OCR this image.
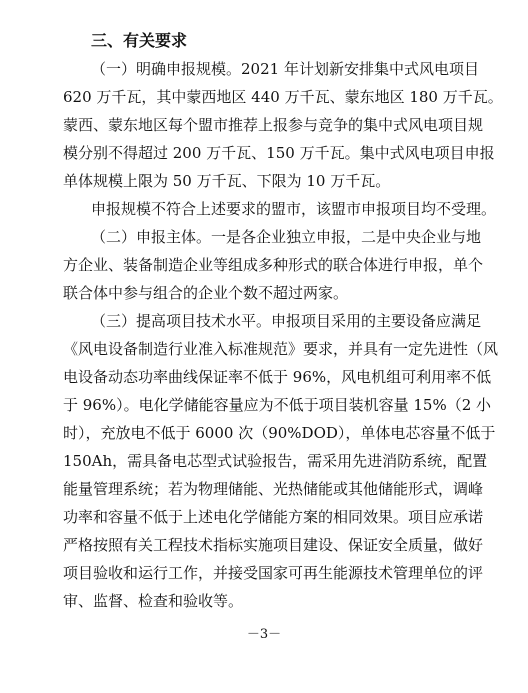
三、有关要求
（一）明确申报规模。2021 年计划新安排集中式风电项目
620 万千瓦，其中蒙西地区 440 万千瓦、蒙东地区 180 万千瓦。
蒙西、蒙东地区每个盟市推荐上报参与竞争的集中式风电项目规
模分别不得超过 200 万千瓦、150 万千瓦。集中式风电项目申报
单体规模上限为 50 万千瓦、下限为 10 万千瓦。
申报规模不符合上述要求的盟市，该盟市申报项目均不受理。
（二）申报主体。一是各企业独立申报，二是中央企业与地
方企业、装备制造企业等组成多种形式的联合体进行申报，单个
联合体中参与组合的企业个数不超过两家。
（三）提高项目技术水平。申报项目采用的主要设备应满足
《风电设备制造行业准入标准规范》要求，并具有一定先进性（风
电设备动态功率曲线保证率不低于 96%，风电机组可利用率不低
于 96%）。电化学储能容量应为不低于项目装机容量 15%（2 小
时），充放电不低于 6000 次（90%DOD），单体电芯容量不低于
150Ah，需具备电芯型式试验报告，需采用先进消防系统，配置
能量管理系统；若为物理储能、光热储能或其他储能形式，调峰
功率和容量不低于上述电化学储能方案的相同效果。项目应承诺
严格按照有关工程技术指标实施项目建设、保证安全质量，做好
项目验收和运行工作，并接受国家可再生能源技术管理单位的评
审、监督、检查和验收等。
－3－
